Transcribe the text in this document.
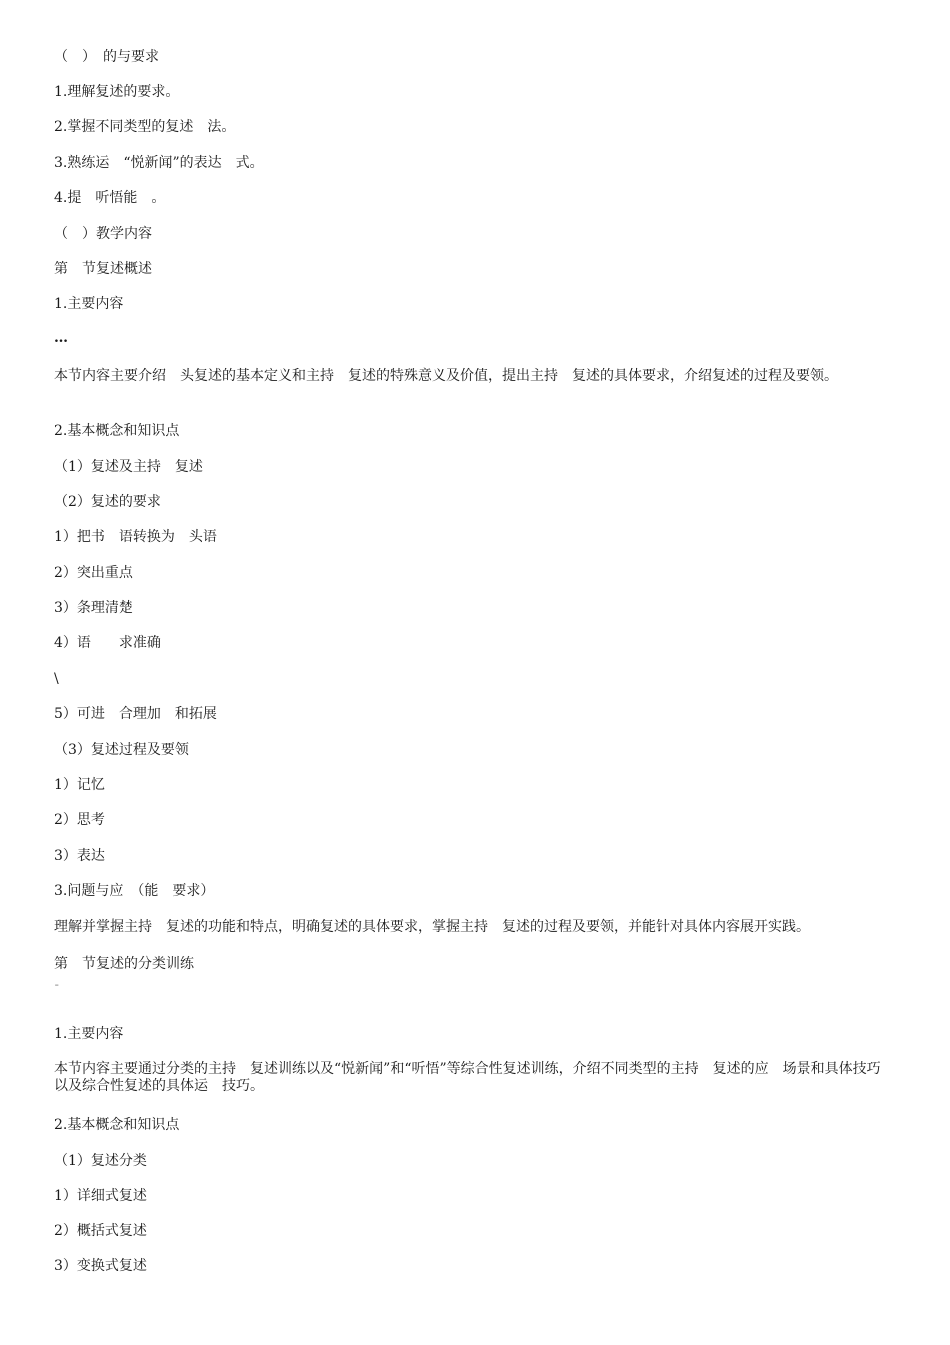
（　）　的与要求
1.理解复述的要求。
2.掌握不同类型的复述　法。
3.熟练运　“悦新闻”的表达　式。
4.提　听悟能　。
（　）教学内容
第　节复述概述
1.主要内容
…
本节内容主要介绍　头复述的基本定义和主持　复述的特殊意义及价值，提出主持　复述的具体要求，介绍复述的过程及要领。
2.基本概念和知识点
（1）复述及主持　复述
（2）复述的要求
1）把书　语转换为　头语
2）突出重点
3）条理清楚
4）语　　求准确
\
5）可进　合理加　和拓展
（3）复述过程及要领
1）记忆
2）思考
3）表达
3.问题与应　（能　要求）
理解并掌握主持　复述的功能和特点，明确复述的具体要求，掌握主持　复述的过程及要领，并能针对具体内容展开实践。
第　节复述的分类训练
ˉ
1.主要内容
本节内容主要通过分类的主持　复述训练以及“悦新闻”和“听悟”等综合性复述训练，介绍不同类型的主持　复述的应　场景和具体技巧以及综合性复述的具体运　技巧。
2.基本概念和知识点
（1）复述分类
1）详细式复述
2）概括式复述
3）变换式复述
